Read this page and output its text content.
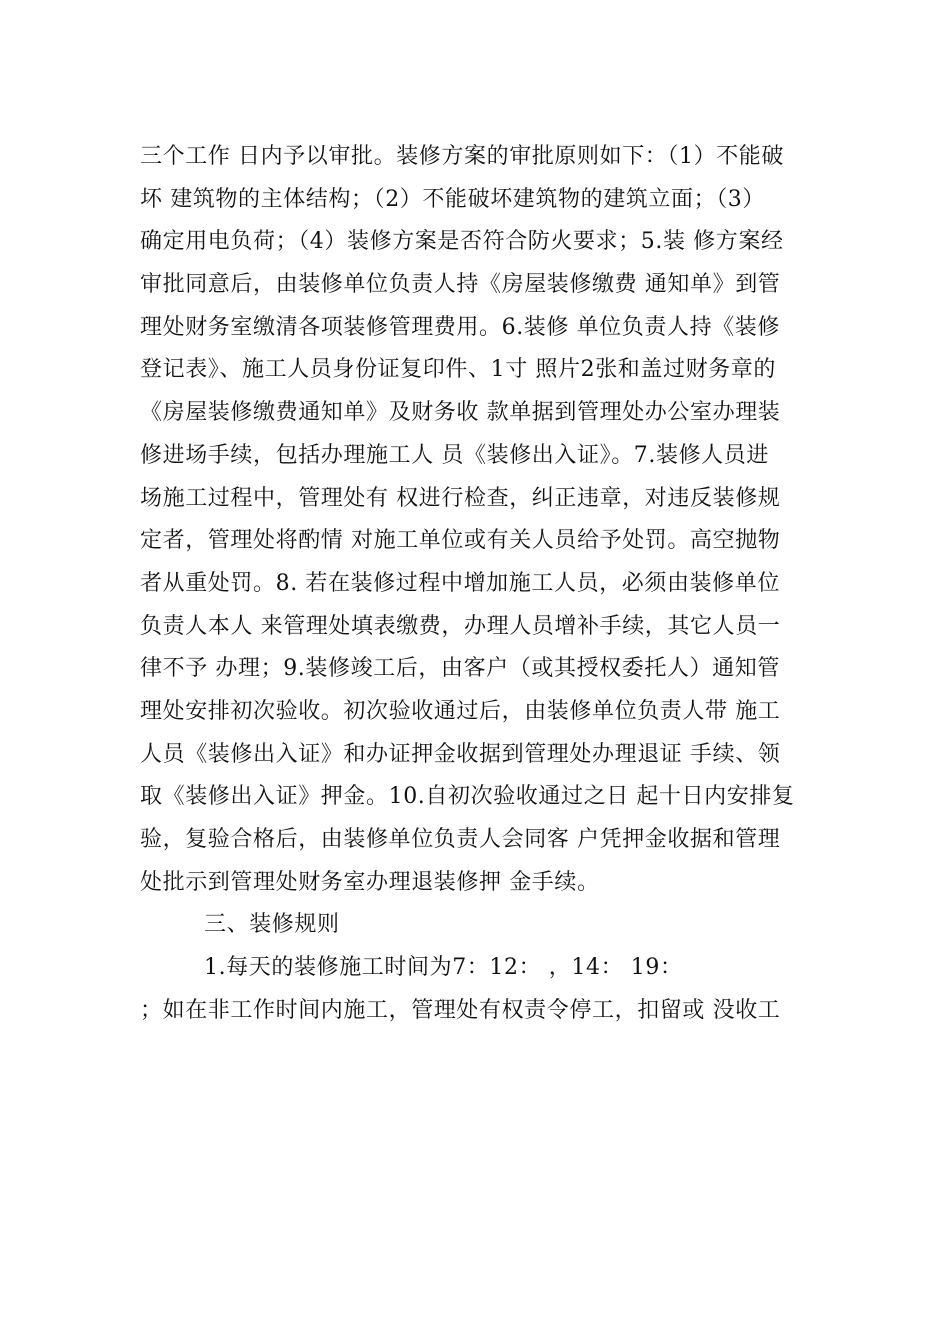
三个工作 日内予以审批。装修方案的审批原则如下：（1）不能破
坏 建筑物的主体结构；（2）不能破坏建筑物的建筑立面；（3）
确定用电负荷；（4）装修方案是否符合防火要求；5.装 修方案经
审批同意后，由装修单位负责人持《房屋装修缴费 通知单》到管
理处财务室缴清各项装修管理费用。6.装修 单位负责人持《装修
登记表》、施工人员身份证复印件、1寸 照片2张和盖过财务章的
《房屋装修缴费通知单》及财务收 款单据到管理处办公室办理装
修进场手续，包括办理施工人 员《装修出入证》。7.装修人员进
场施工过程中，管理处有 权进行检查，纠正违章，对违反装修规
定者，管理处将酌情 对施工单位或有关人员给予处罚。高空抛物
者从重处罚。8. 若在装修过程中增加施工人员，必须由装修单位
负责人本人 来管理处填表缴费，办理人员增补手续，其它人员一
律不予 办理；9.装修竣工后，由客户（或其授权委托人）通知管
理处安排初次验收。初次验收通过后，由装修单位负责人带 施工
人员《装修出入证》和办证押金收据到管理处办理退证 手续、领
取《装修出入证》押金。10.自初次验收通过之日 起十日内安排复
验，复验合格后，由装修单位负责人会同客 户凭押金收据和管理
处批示到管理处财务室办理退装修押 金手续。
三、装修规则
1.每天的装修施工时间为7：12： ，14： 19：
；如在非工作时间内施工，管理处有权责令停工，扣留或 没收工
